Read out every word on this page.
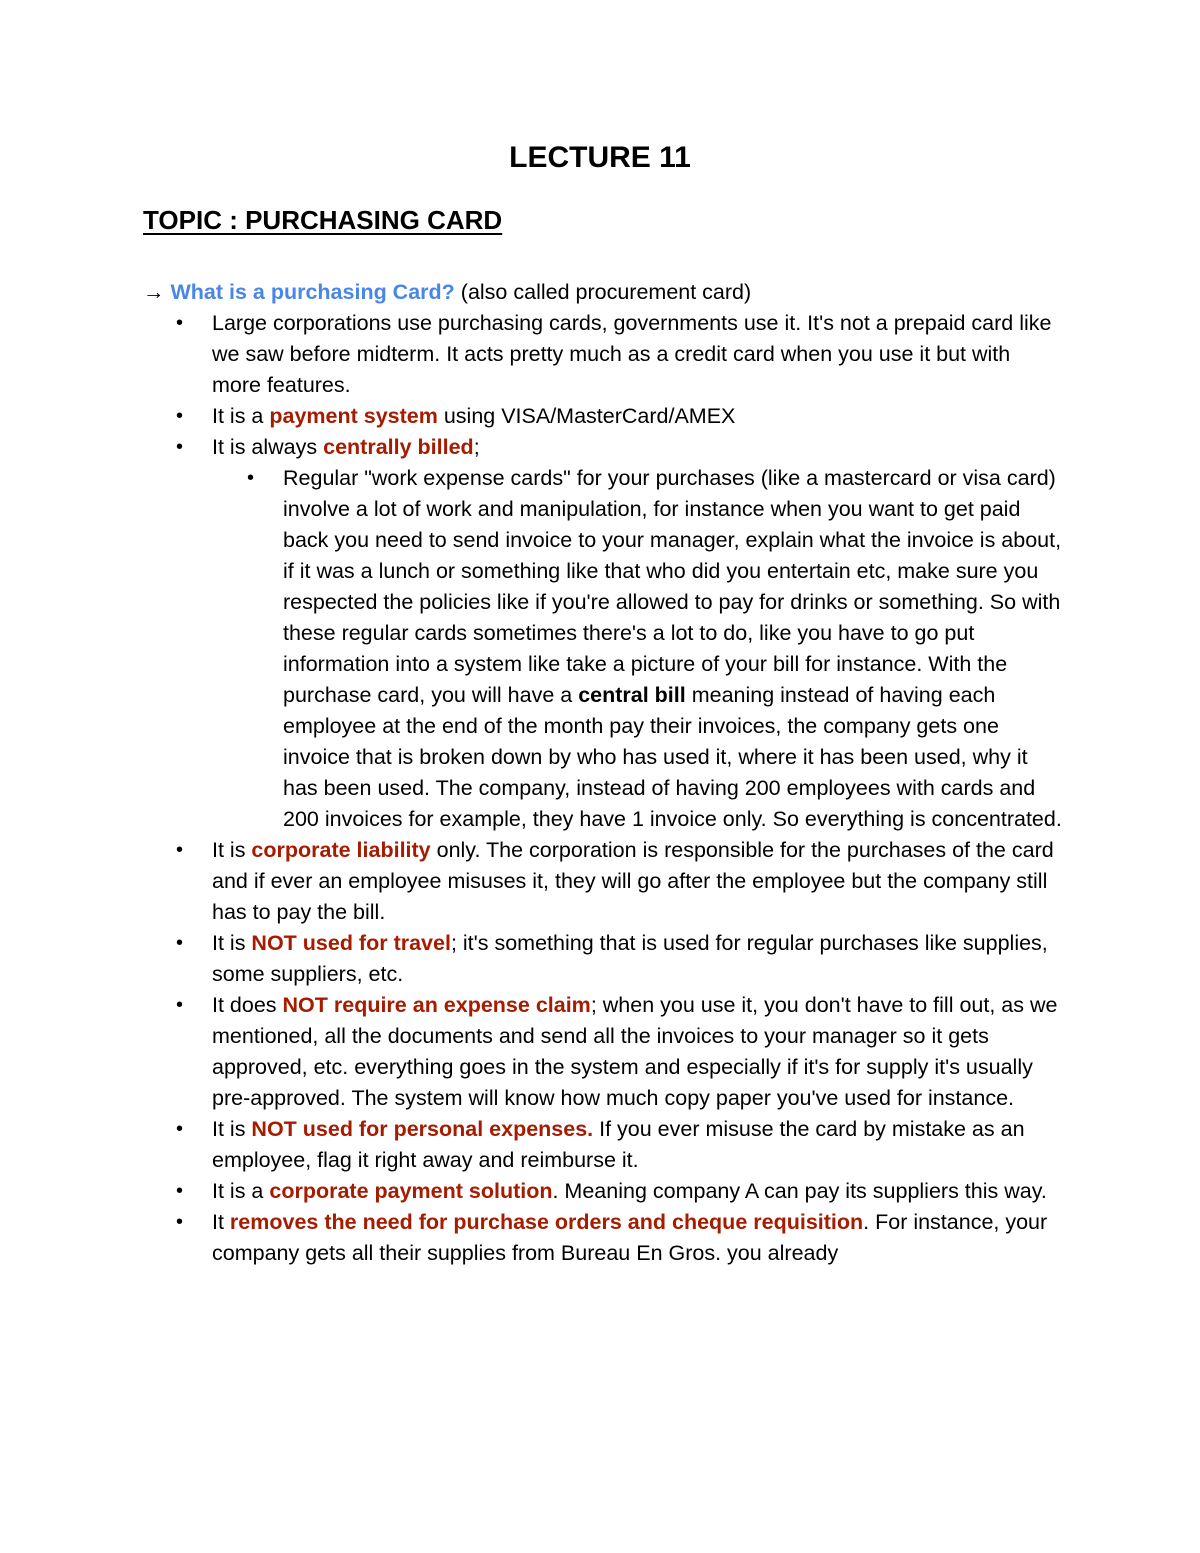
LECTURE 11
TOPIC : PURCHASING CARD

→ What is a purchasing Card? (also called procurement card)

• Large corporations use purchasing cards, governments use it. It's not a prepaid card like we saw before midterm. It acts pretty much as a credit card when you use it but with more features.
• It is a payment system using VISA/MasterCard/AMEX
• It is always centrally billed;
• Regular "work expense cards" for your purchases (like a mastercard or visa card) involve a lot of work and manipulation, for instance when you want to get paid back you need to send invoice to your manager, explain what the invoice is about, if it was a lunch or something like that who did you entertain etc, make sure you respected the policies like if you're allowed to pay for drinks or something. So with these regular cards sometimes there's a lot to do, like you have to go put information into a system like take a picture of your bill for instance. With the purchase card, you will have a central bill meaning instead of having each employee at the end of the month pay their invoices, the company gets one invoice that is broken down by who has used it, where it has been used, why it has been used. The company, instead of having 200 employees with cards and 200 invoices for example, they have 1 invoice only. So everything is concentrated.
• It is corporate liability only. The corporation is responsible for the purchases of the card and if ever an employee misuses it, they will go after the employee but the company still has to pay the bill.
• It is NOT used for travel; it's something that is used for regular purchases like supplies, some suppliers, etc.
• It does NOT require an expense claim; when you use it, you don't have to fill out, as we mentioned, all the documents and send all the invoices to your manager so it gets approved, etc. everything goes in the system and especially if it's for supply it's usually pre-approved. The system will know how much copy paper you've used for instance.
• It is NOT used for personal expenses. If you ever misuse the card by mistake as an employee, flag it right away and reimburse it.
• It is a corporate payment solution. Meaning company A can pay its suppliers this way.
• It removes the need for purchase orders and cheque requisition. For instance, your company gets all their supplies from Bureau En Gros. you already
